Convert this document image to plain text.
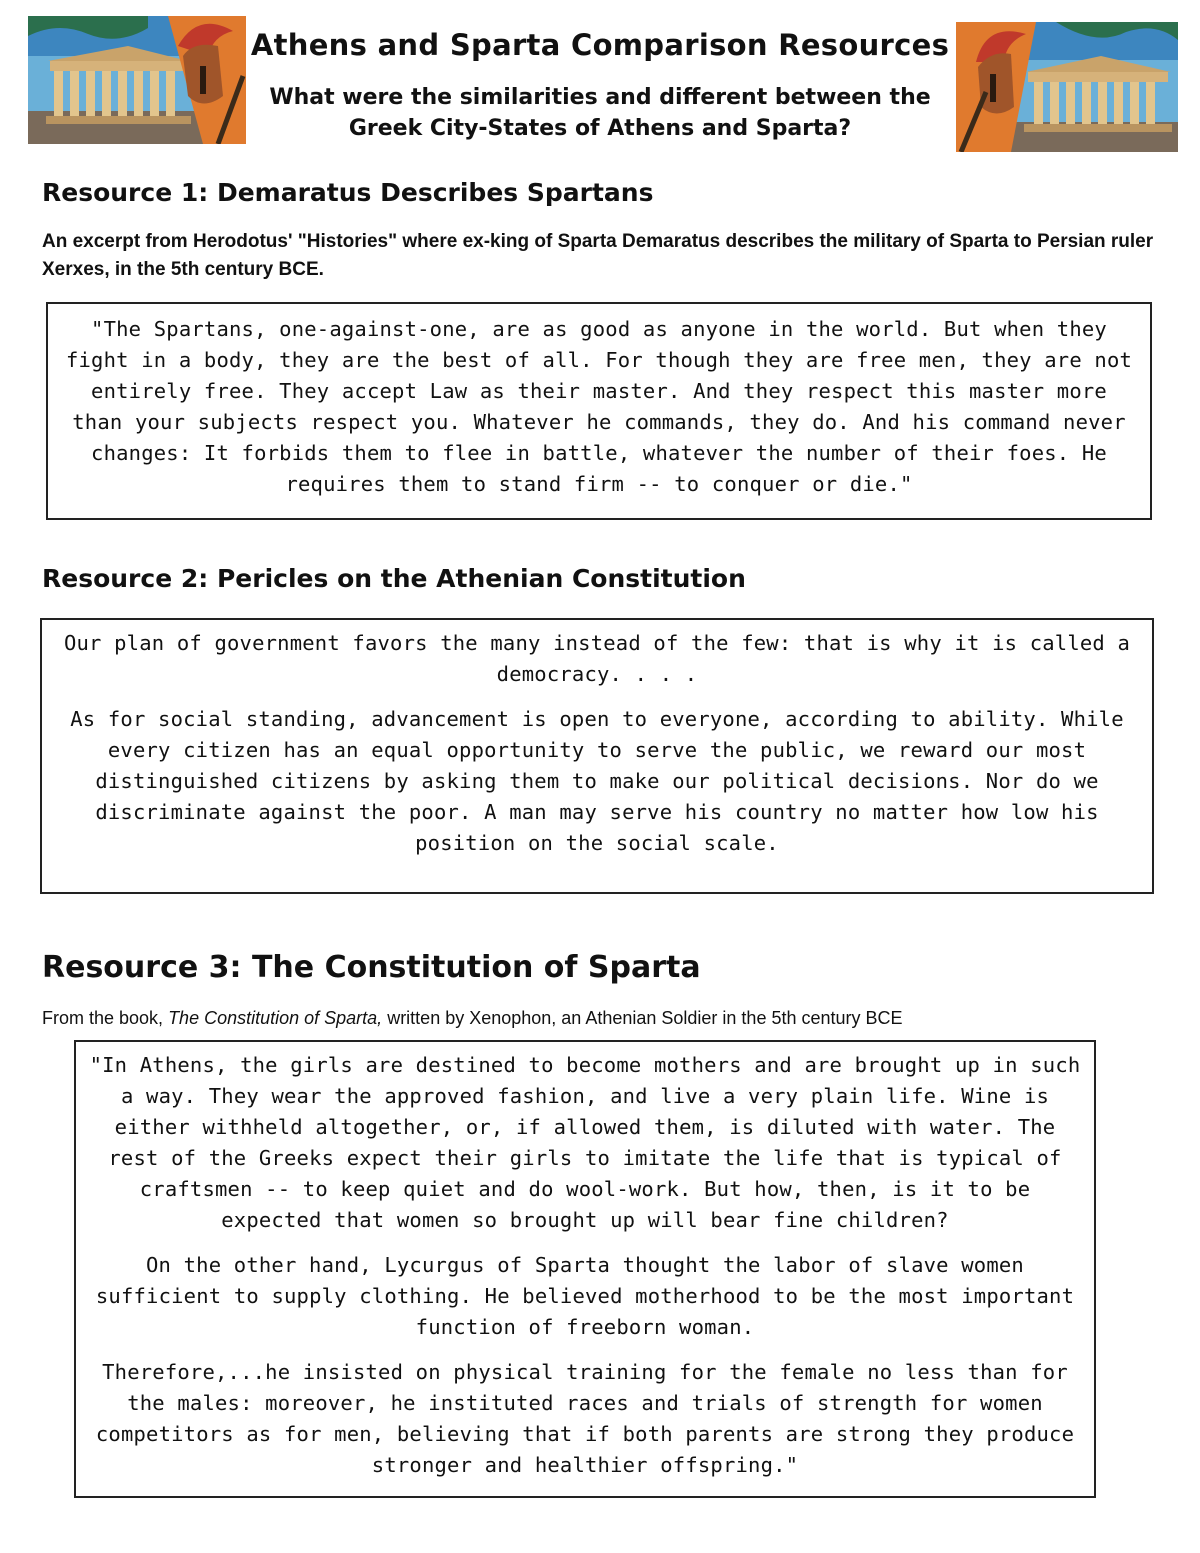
Athens and Sparta Comparison Resources
What were the similarities and different between the
Greek City-States of Athens and Sparta?
Resource 1: Demaratus Describes Spartans
An excerpt from Herodotus' "Histories" where ex-king of Sparta Demaratus describes the military of Sparta to Persian ruler Xerxes, in the 5th century BCE.

"The Spartans, one-against-one, are as good as anyone in the world. But when they fight in a body, they are the best of all. For though they are free men, they are not entirely free. They accept Law as their master. And they respect this master more than your subjects respect you. Whatever he commands, they do. And his command never changes: It forbids them to flee in battle, whatever the number of their foes. He requires them to stand firm -- to conquer or die."

Resource 2: Pericles on the Athenian Constitution

Our plan of government favors the many instead of the few: that is why it is called a democracy. . . .

As for social standing, advancement is open to everyone, according to ability. While every citizen has an equal opportunity to serve the public, we reward our most distinguished citizens by asking them to make our political decisions. Nor do we discriminate against the poor. A man may serve his country no matter how low his position on the social scale.

Resource 3: The Constitution of Sparta
From the book, The Constitution of Sparta, written by Xenophon, an Athenian Soldier in the 5th century BCE

"In Athens, the girls are destined to become mothers and are brought up in such a way. They wear the approved fashion, and live a very plain life. Wine is either withheld altogether, or, if allowed them, is diluted with water. The rest of the Greeks expect their girls to imitate the life that is typical of craftsmen -- to keep quiet and do wool-work. But how, then, is it to be expected that women so brought up will bear fine children?

On the other hand, Lycurgus of Sparta thought the labor of slave women sufficient to supply clothing. He believed motherhood to be the most important function of freeborn woman.

Therefore,...he insisted on physical training for the female no less than for the males: moreover, he instituted races and trials of strength for women competitors as for men, believing that if both parents are strong they produce stronger and healthier offspring."
